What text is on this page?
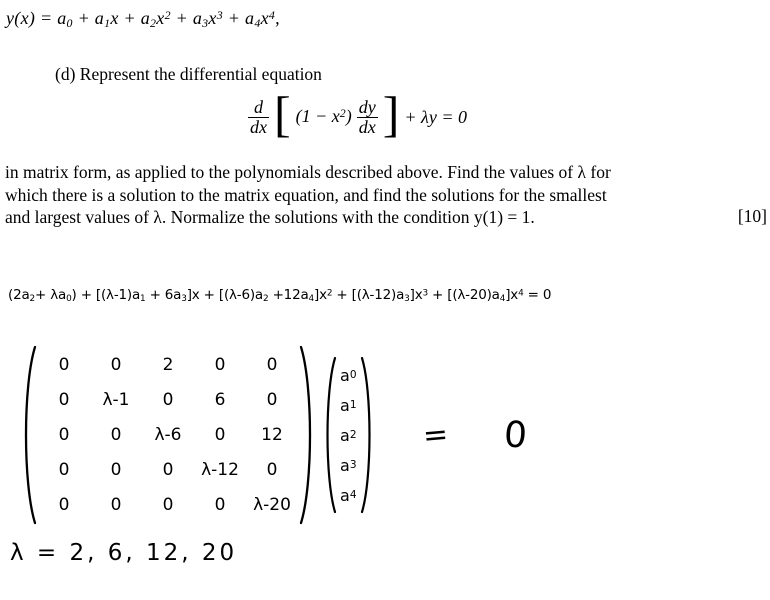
$y(x) = a_0 + a_1x + a_2x^2 + a_3x^3 + a_4x^4$,
(d) Represent the differential equation
$\frac{d}{dx}$ [ $(1 - x^2) \frac{dy}{dx}$ ] + λy = 0
in matrix form, as applied to the polynomials described above. Find the values of λ for
which there is a solution to the matrix equation, and find the solutions for the smallest
and largest values of λ. Normalize the solutions with the condition y(1) = 1.	[10]
$(2a_2+ \lambda a_0) + [(\lambda-1)a_1 + 6a_3]x + [(\lambda-6)a_2 +12a_4]x^2 + [(\lambda-12)a_3]x^3 + [(\lambda-20)a_4]x^4 = 0$
0 0 2 0 0
0 λ-1 0 6 0
0 0 λ-6 0 12
0 0 0 λ-12 0
0 0 0 0 λ-20
a 0
a 1
a 2
a 3
a 4
= 0
λ = 2, 6, 12, 20
